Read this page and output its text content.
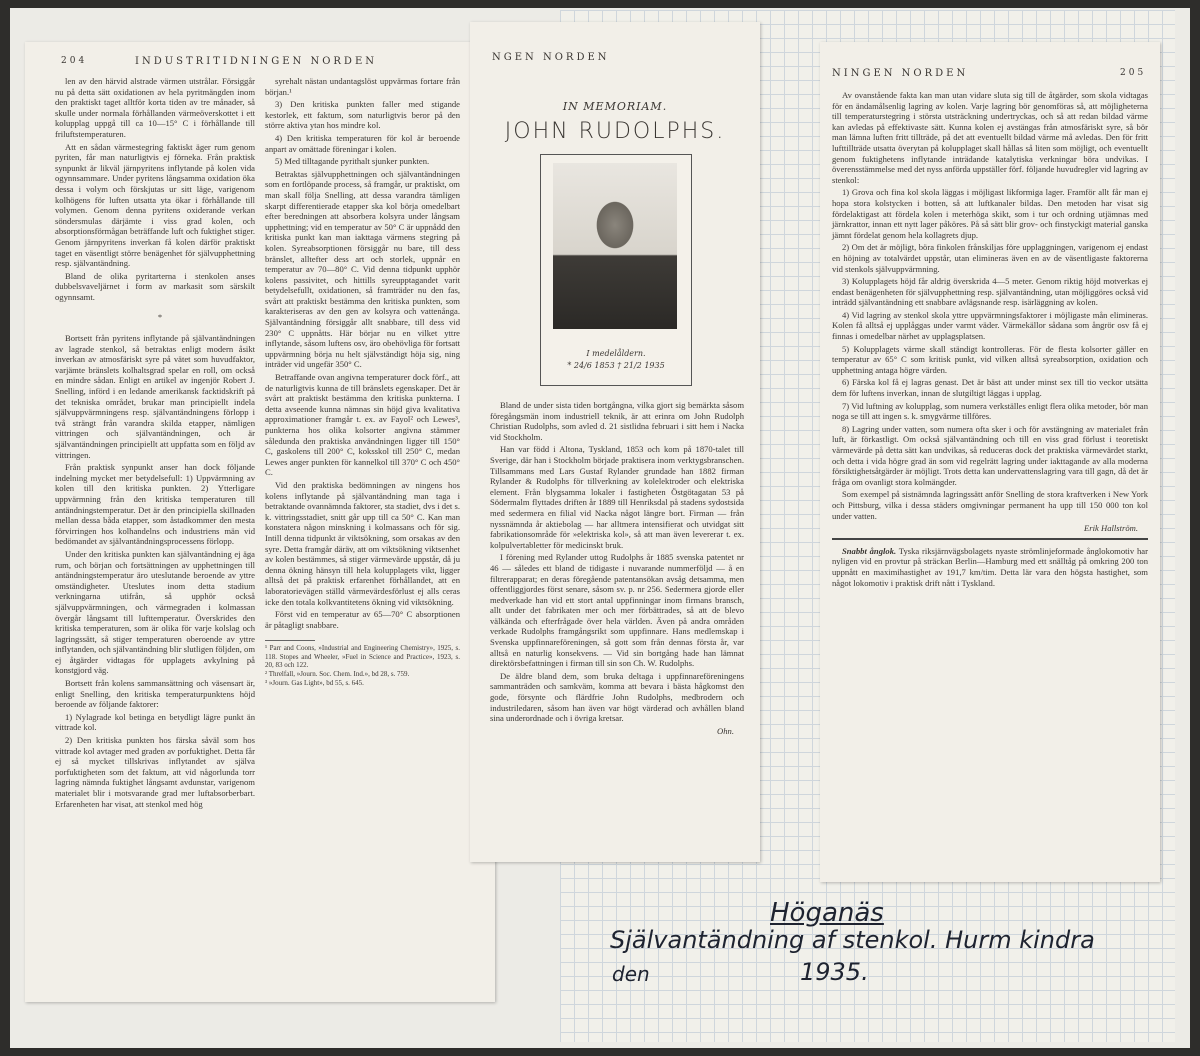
204	INDUSTRITIDNINGEN NORDEN

len av den härvid alstrade värmen utstrålar. Försiggår nu på detta sätt oxidationen av hela pyritmängden inom den praktiskt taget alltför korta tiden av tre månader, så skulle under normala förhållanden värmeöverskottet i ett kolupplag uppgå till ca 10—15° C i förhållande till friluftstemperaturen.

Att en sådan värmestegring faktiskt äger rum genom pyriten, får man naturligtvis ej förneka. Från praktisk synpunkt är likväl järnpyritens inflytande på kolen vida ogynnsammare. Under pyritens långsamma oxidation öka dessa i volym och förskjutas ur sitt läge, varigenom kolhögens för luften utsatta yta ökar i förhållande till volymen. Genom denna pyritens oxiderande verkan söndersmulas därjämte i viss grad kolen, och absorptionsförmågan beträffande luft och fuktighet stiger. Genom järnpyritens inverkan få kolen därför praktiskt taget en väsentligt större benägenhet för självupphettning resp. självantändning.

Bland de olika pyritarterna i stenkolen anses dubbelsvaveljärnet i form av markasit som särskilt ogynnsamt.

*

Bortsett från pyritens inflytande på självantändningen av lagrade stenkol, så betraktas enligt modern åsikt inverkan av atmosfäriskt syre på vätet som huvudfaktor, varjämte bränslets kolhaltsgrad spelar en roll, om också en mindre sådan. Enligt en artikel av ingenjör Robert J. Snelling, införd i en ledande amerikansk facktidskrift på det tekniska området, brukar man principiellt indela självuppvärmningens resp. självantändningens förlopp i två strängt från varandra skilda etapper, nämligen vittringen och självantändningen, och är självantändningen principiellt att uppfatta som en följd av vittringen.

Från praktisk synpunkt anser han dock följande indelning mycket mer betydelsefull: 1) Uppvärmning av kolen till den kritiska punkten. 2) Ytterligare uppvärmning från den kritiska temperaturen till antändningstemperatur. Det är den principiella skillnaden mellan dessa båda etapper, som åstadkommer den mesta förvirringen hos kolhandelns och industriens män vid bedömandet av självantändningsprocessens förlopp.

Under den kritiska punkten kan självantändning ej äga rum, och början och fortsättningen av upphettningen till antändningstemperatur äro uteslutande beroende av yttre omständigheter. Uteslutes inom detta stadium verkningarna utifrån, så upphör också självuppvärmningen, och värmegraden i kolmassan övergår långsamt till lufttemperatur. Överskrides den kritiska temperaturen, som är olika för varje kolslag och lagringssätt, så stiger temperaturen oberoende av yttre inflytanden, och självantändning blir slutligen följden, om ej åtgärder vidtagas för upplagets avkylning på konstgjord väg.

Bortsett från kolens sammansättning och väsensart är, enligt Snelling, den kritiska temperaturpunktens höjd beroende av följande faktorer:

1) Nylagrade kol betinga en betydligt lägre punkt än vittrade kol.

2) Den kritiska punkten hos färska såväl som hos vittrade kol avtager med graden av porfuktighet. Detta får ej så mycket tillskrivas inflytandet av själva porfuktigheten som det faktum, att vid någorlunda torr lagring nämnda fuktighet långsamt avdunstar, varigenom materialet blir i motsvarande grad mer luftabsorberbart. Erfarenheten har visat, att stenkol med hög

syrehalt nästan undantagslöst uppvärmas fortare från början.¹

3) Den kritiska punkten faller med stigande kestorlek, ett faktum, som naturligtvis beror på den större aktiva ytan hos mindre kol.

4) Den kritiska temperaturen för kol är beroende anpart av omättade föreningar i kolen.

5) Med tilltagande pyrithalt sjunker punkten.

Betraktas självupphettningen och självantändningen som en fortlöpande process, så framgår, ur praktiskt, om man skall följa Snelling, att dessa varandra tämligen skarpt differentierade etapper ska kol börja omedelbart efter beredningen att absorbera kolsyra under långsam upphettning; vid en temperatur av 50° C är uppnådd den kritiska punkt kan man iakttaga värmens stegring på kolen. Syreabsorptionen försiggår nu bare, till dess bränslet, alltefter dess art och storlek, uppnår en temperatur av 70—80° C. Vid denna tidpunkt upphör kolens passivitet, och hittills syreupptagandet varit betydelsefullt, oxidationen, så framträder nu den fas, svårt att praktiskt bestämma den kritiska punkten, som karakteriseras av den gen av kolsyra och vattenånga. Självantändning försiggår allt snabbare, till dess vid 230° C uppnåtts. Här börjar nu en vilket yttre inflytande, såsom luftens osv, äro obehövliga för fortsatt uppvärmning börja nu helt självständigt höja sig, ning inträder vid ungefär 350° C.

Betraffande ovan angivna temperaturer dock förf., att de naturligtvis kunna de till bränslets egenskaper. Det är svårt att praktiskt bestämma den kritiska punkterna. I detta avseende kunna nämnas sin höjd giva kvalitativa approximationer framgår t. ex. av Fayol² och Lewes³, punkterna hos olika kolsorter angivna stämmer såledunda den praktiska användningen ligger till 150° C, gaskolens till 200° C, koksskol till 250° C, medan Lewes anger punkten för kannelkol till 370° C och 450° C.

Vid den praktiska bedömningen av ningens hos kolens inflytande på självantändning man taga i betraktande ovannämnda faktorer, sta stadiet, dvs i det s. k. vittringsstadiet, snitt går upp till ca 50° C. Kan man konstatera någon minskning i kolmassans och för sig. Intill denna tidpunkt är viktsökning, som orsakas av den syre. Detta framgår däräv, att om viktsökning viktsenhet av kolen bestämmes, så stiger värmevärde uppstår, då ju denna ökning hänsyn till hela kolupplagets vikt, ligger alltså det på praktisk erfarenhet förhållandet, att en laboratorievägen ställd värmevärdesförlust ej alls ceras icke den totala kolkvantitetens ökning vid viktsökning.

Först vid en temperatur av 65—70° C absorptionen är påtagligt snabbare.

¹ Parr and Coons, »Industrial and Engineering Chemistry», 1925, s. 118. Stopes and Wheeler, »Fuel in Science and Practice», 1923, s. 20, 83 och 122.
² Threlfall, »Journ. Soc. Chem. Ind.», bd 28, s. 759.
³ »Journ. Gas Light», bd 55, s. 645.
NINGEN NORDEN	205

Av ovanstående fakta kan man utan vidare sluta sig till de åtgärder, som skola vidtagas för en ändamålsenlig lagring av kolen. Varje lagring bör genomföras så, att möjligheterna till temperaturstegring i största utsträckning undertryckas, och så att redan bildad värme kan avledas på effektivaste sätt. Kunna kolen ej avstängas från atmosfäriskt syre, så bör man lämna luften fritt tillträde, på det att eventuellt bildad värme må avledas. Den för fritt lufttillträde utsatta överytan på kolupplaget skall hållas så liten som möjligt, och eventuellt genom fuktighetens inflytande inträdande katalytiska verkningar böra undvikas. I överensstämmelse med det nyss anförda uppställer förf. följande huvudregler vid lagring av stenkol:

1) Grova och fina kol skola läggas i möjligast likformiga lager. Framför allt får man ej hopa stora kolstycken i botten, så att luftkanaler bildas. Den metoden har visat sig fördelaktigast att fördela kolen i meterhöga skikt, som i tur och ordning utjämnas med järnkrattor, innan ett nytt lager påköres. På så sätt blir grov- och finstyckigt material ganska jämnt fördelat genom hela kollagrets djup.

2) Om det är möjligt, böra finkolen frånskiljas före upplaggningen, varigenom ej endast en höjning av totalvärdet uppstår, utan elimineras även en av de väsentligaste faktorerna vid stenkols självuppvärmning.

3) Kolupplagets höjd får aldrig överskrida 4—5 meter. Genom riktig höjd motverkas ej endast benägenheten för självupphettning resp. självantändning, utan möjliggöres också vid inträdd självantändning ett snabbare avlägsnande resp. isärläggning av kolen.

4) Vid lagring av stenkol skola yttre uppvärmningsfaktorer i möjligaste mån elimineras. Kolen få alltså ej upplåggas under varmt väder. Värmekällor sådana som ångrör osv få ej finnas i omedelbar närhet av upplagsplatsen.

5) Kolupplagets värme skall ständigt kontrolleras. För de flesta kolsorter gäller en temperatur av 65° C som kritisk punkt, vid vilken alltså syreabsorption, oxidation och upphettning antaga högre värden.

6) Färska kol få ej lagras genast. Det är bäst att under minst sex till tio veckor utsätta dem för luftens inverkan, innan de slutgiltigt läggas i upplag.

7) Vid luftning av kolupplag, som numera verkställes enligt flera olika metoder, bör man noga se till att ingen s. k. smygvärme tillföres.

8) Lagring under vatten, som numera ofta sker i och för avstängning av materialet från luft, är förkastligt. Om också självantändning och till en viss grad förlust i teoretiskt värmevärde på detta sätt kan undvikas, så reduceras dock det praktiska värmevärdet starkt, och detta i vida högre grad än som vid regelrätt lagring under iakttagande av alla moderna försiktighetsåtgärder är möjligt. Trots detta kan undervattenslagring vara till gagn, då det är fråga om ovanligt stora kolmängder.

Som exempel på sistnämnda lagringssätt anför Snelling de stora kraftverken i New York och Pittsburg, vilka i dessa städers omgivningar permanent ha upp till 150 000 ton kol under vatten.

Erik Hallström.

Snabbt ånglok. Tyska riksjärnvägsbolagets nyaste strömlinjeformade ånglokomotiv har nyligen vid en provtur på sträckan Berlin—Hamburg med ett snälltåg på omkring 200 ton uppnått en maximihastighet av 191,7 km/tim. Detta lär vara den högsta hastighet, som något lokomotiv i praktisk drift nått i Tyskland.

NGEN NORDEN
IN MEMORIAM.
JOHN RUDOLPHS.
I medelåldern.
* 24/6 1853 † 21/2 1935

Bland de under sista tiden bortgångna, vilka gjort sig bemärkta såsom föregångsmän inom industriell teknik, är att erinra om John Rudolph Christian Rudolphs, som avled d. 21 sistlidna februari i sitt hem i Nacka vid Stockholm.

Han var född i Altona, Tyskland, 1853 och kom på 1870-talet till Sverige, där han i Stockholm började praktisera inom verktygsbranschen. Tillsammans med Lars Gustaf Rylander grundade han 1882 firman Rylander & Rudolphs för tillverkning av kolelektroder och elektriska element. Från blygsamma lokaler i fastigheten Östgötagatan 53 på Södermalm flyttades driften år 1889 till Henriksdal på stadens sydostsida med sedermera en filial vid Nacka något längre bort. Firman — från nyssnämnda år aktiebolag — har alltmera intensifierat och utvidgat sitt fabrikationsområde för »elektriska kol», så att man även levererar t. ex. kolpulvertabletter för medicinskt bruk.

I förening med Rylander uttog Rudolphs år 1885 svenska patentet nr 46 — således ett bland de tidigaste i nuvarande nummerföljd — å en filtrerapparat; en deras föregående patentansökan avsåg detsamma, men offentliggjordes först senare, såsom sv. p. nr 256. Sedermera gjorde eller medverkade han vid ett stort antal uppfinningar inom firmans bransch, allt under det fabrikaten mer och mer förbättrades, så att de blevo välkända och efterfrågade över hela världen. Även på andra områden verkade Rudolphs framgångsrikt som uppfinnare. Hans medlemskap i Svenska uppfinnareföreningen, så gott som från dennas första år, var alltså en naturlig konsekvens. — Vid sin bortgång hade han lämnat direktörsbefattningen i firman till sin son Ch. W. Rudolphs.

De äldre bland dem, som bruka deltaga i uppfinnareföreningens sammanträden och samkväm, komma att bevara i bästa hågkomst den gode, försynte och flärdfrie John Rudolphs, medbrodern och industriledaren, såsom han även var högt värderad och avhållen bland sina underordnade och i övriga kretsar.

Ohn.
Höganäs
Självantändning af stenkol. Hurm kindra
den	1935.
